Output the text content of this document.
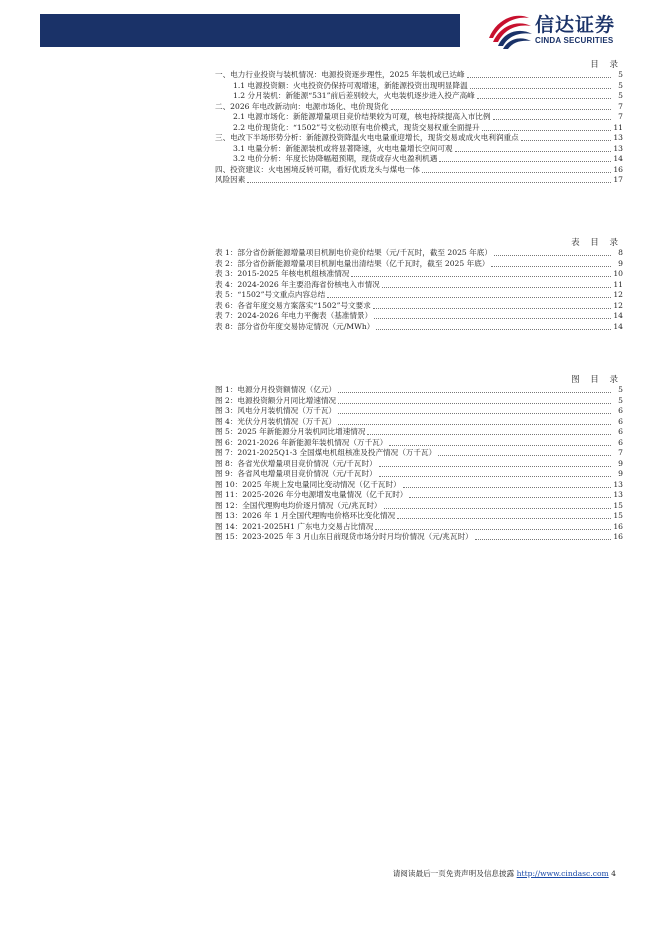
信达证券
CINDA SECURITIES
目 录
一、电力行业投资与装机情况：电源投资逐步理性，2025 年装机或已达峰	5
1.1 电源投资额：火电投资仍保持可观增速，新能源投资出现明显降温	5
1.2 分月装机：新能源“531”前后差别较大，火电装机逐步进入投产高峰	5
二、2026 年电改新动向：电源市场化、电价现货化	7
2.1 电源市场化：新能源增量项目竞价结果较为可观，核电持续提高入市比例	7
2.2 电价现货化：“1502”号文松动原有电价模式，现货交易权重全面提升	11
三、电改下半场形势分析：新能源投资降温火电电量重迎增长，现货交易或成火电利润重点	13
3.1 电量分析：新能源装机或将显著降速，火电电量增长空间可观	13
3.2 电价分析：年度长协降幅超预期，现货或存火电盈利机遇	14
四、投资建议：火电困境反转可期，看好优质龙头与煤电一体	16
风险因素	17
表 目 录
表 1：部分省份新能源增量项目机制电价竞价结果（元/千瓦时，截至 2025 年底）	8
表 2：部分省份新能源增量项目机制电量出清结果（亿千瓦时，截至 2025 年底）	9
表 3：2015-2025 年核电机组核准情况	10
表 4：2024-2026 年主要沿海省份核电入市情况	11
表 5：“1502”号文重点内容总结	12
表 6：各省年度交易方案落实“1502”号文要求	12
表 7：2024-2026 年电力平衡表（基准情景）	14
表 8：部分省份年度交易协定情况（元/MWh）	14
图 目 录
图 1：电源分月投资额情况（亿元）	5
图 2：电源投资额分月同比增速情况	5
图 3：风电分月装机情况（万千瓦）	6
图 4：光伏分月装机情况（万千瓦）	6
图 5：2025 年新能源分月装机同比增速情况	6
图 6：2021-2026 年新能源年装机情况（万千瓦）	6
图 7：2021-2025Q1-3 全国煤电机组核准及投产情况（万千瓦）	7
图 8：各省光伏增量项目竞价情况（元/千瓦时）	9
图 9：各省风电增量项目竞价情况（元/千瓦时）	9
图 10：2025 年规上发电量同比变动情况（亿千瓦时）	13
图 11：2025-2026 年分电源增发电量情况（亿千瓦时）	13
图 12：全国代理购电均价逐月情况（元/兆瓦时）	15
图 13：2026 年 1 月全国代理购电价格环比变化情况	15
图 14：2021-2025H1 广东电力交易占比情况	16
图 15：2023-2025 年 3 月山东日前现货市场分时月均价情况（元/兆瓦时）	16
请阅读最后一页免责声明及信息披露 http://www.cindasc.com 4
